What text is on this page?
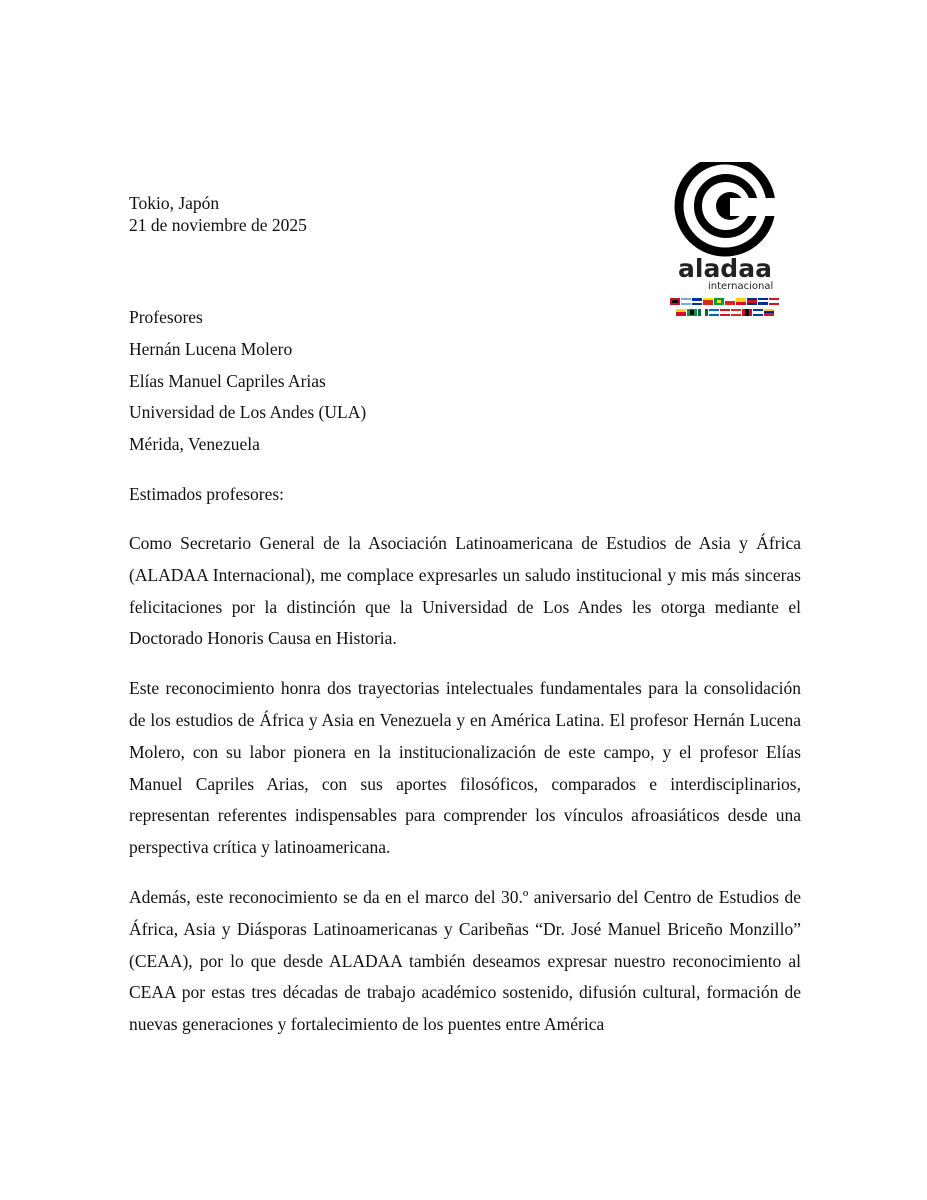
Tokio, Japón
21 de noviembre de 2025
aladaa
internacional
Profesores
Hernán Lucena Molero
Elías Manuel Capriles Arias
Universidad de Los Andes (ULA)
Mérida, Venezuela
Estimados profesores:

Como Secretario General de la Asociación Latinoamericana de Estudios de Asia y África (ALADAA Internacional), me complace expresarles un saludo institucional y mis más sinceras felicitaciones por la distinción que la Universidad de Los Andes les otorga mediante el Doctorado Honoris Causa en Historia.

Este reconocimiento honra dos trayectorias intelectuales fundamentales para la consolidación de los estudios de África y Asia en Venezuela y en América Latina. El profesor Hernán Lucena Molero, con su labor pionera en la institucionalización de este campo, y el profesor Elías Manuel Capriles Arias, con sus aportes filosóficos, comparados e interdisciplinarios, representan referentes indispensables para comprender los vínculos afroasiáticos desde una perspectiva crítica y latinoamericana.

Además, este reconocimiento se da en el marco del 30.º aniversario del Centro de Estudios de África, Asia y Diásporas Latinoamericanas y Caribeñas “Dr. José Manuel Briceño Monzillo” (CEAA), por lo que desde ALADAA también deseamos expresar nuestro reconocimiento al CEAA por estas tres décadas de trabajo académico sostenido, difusión cultural, formación de nuevas generaciones y fortalecimiento de los puentes entre América
